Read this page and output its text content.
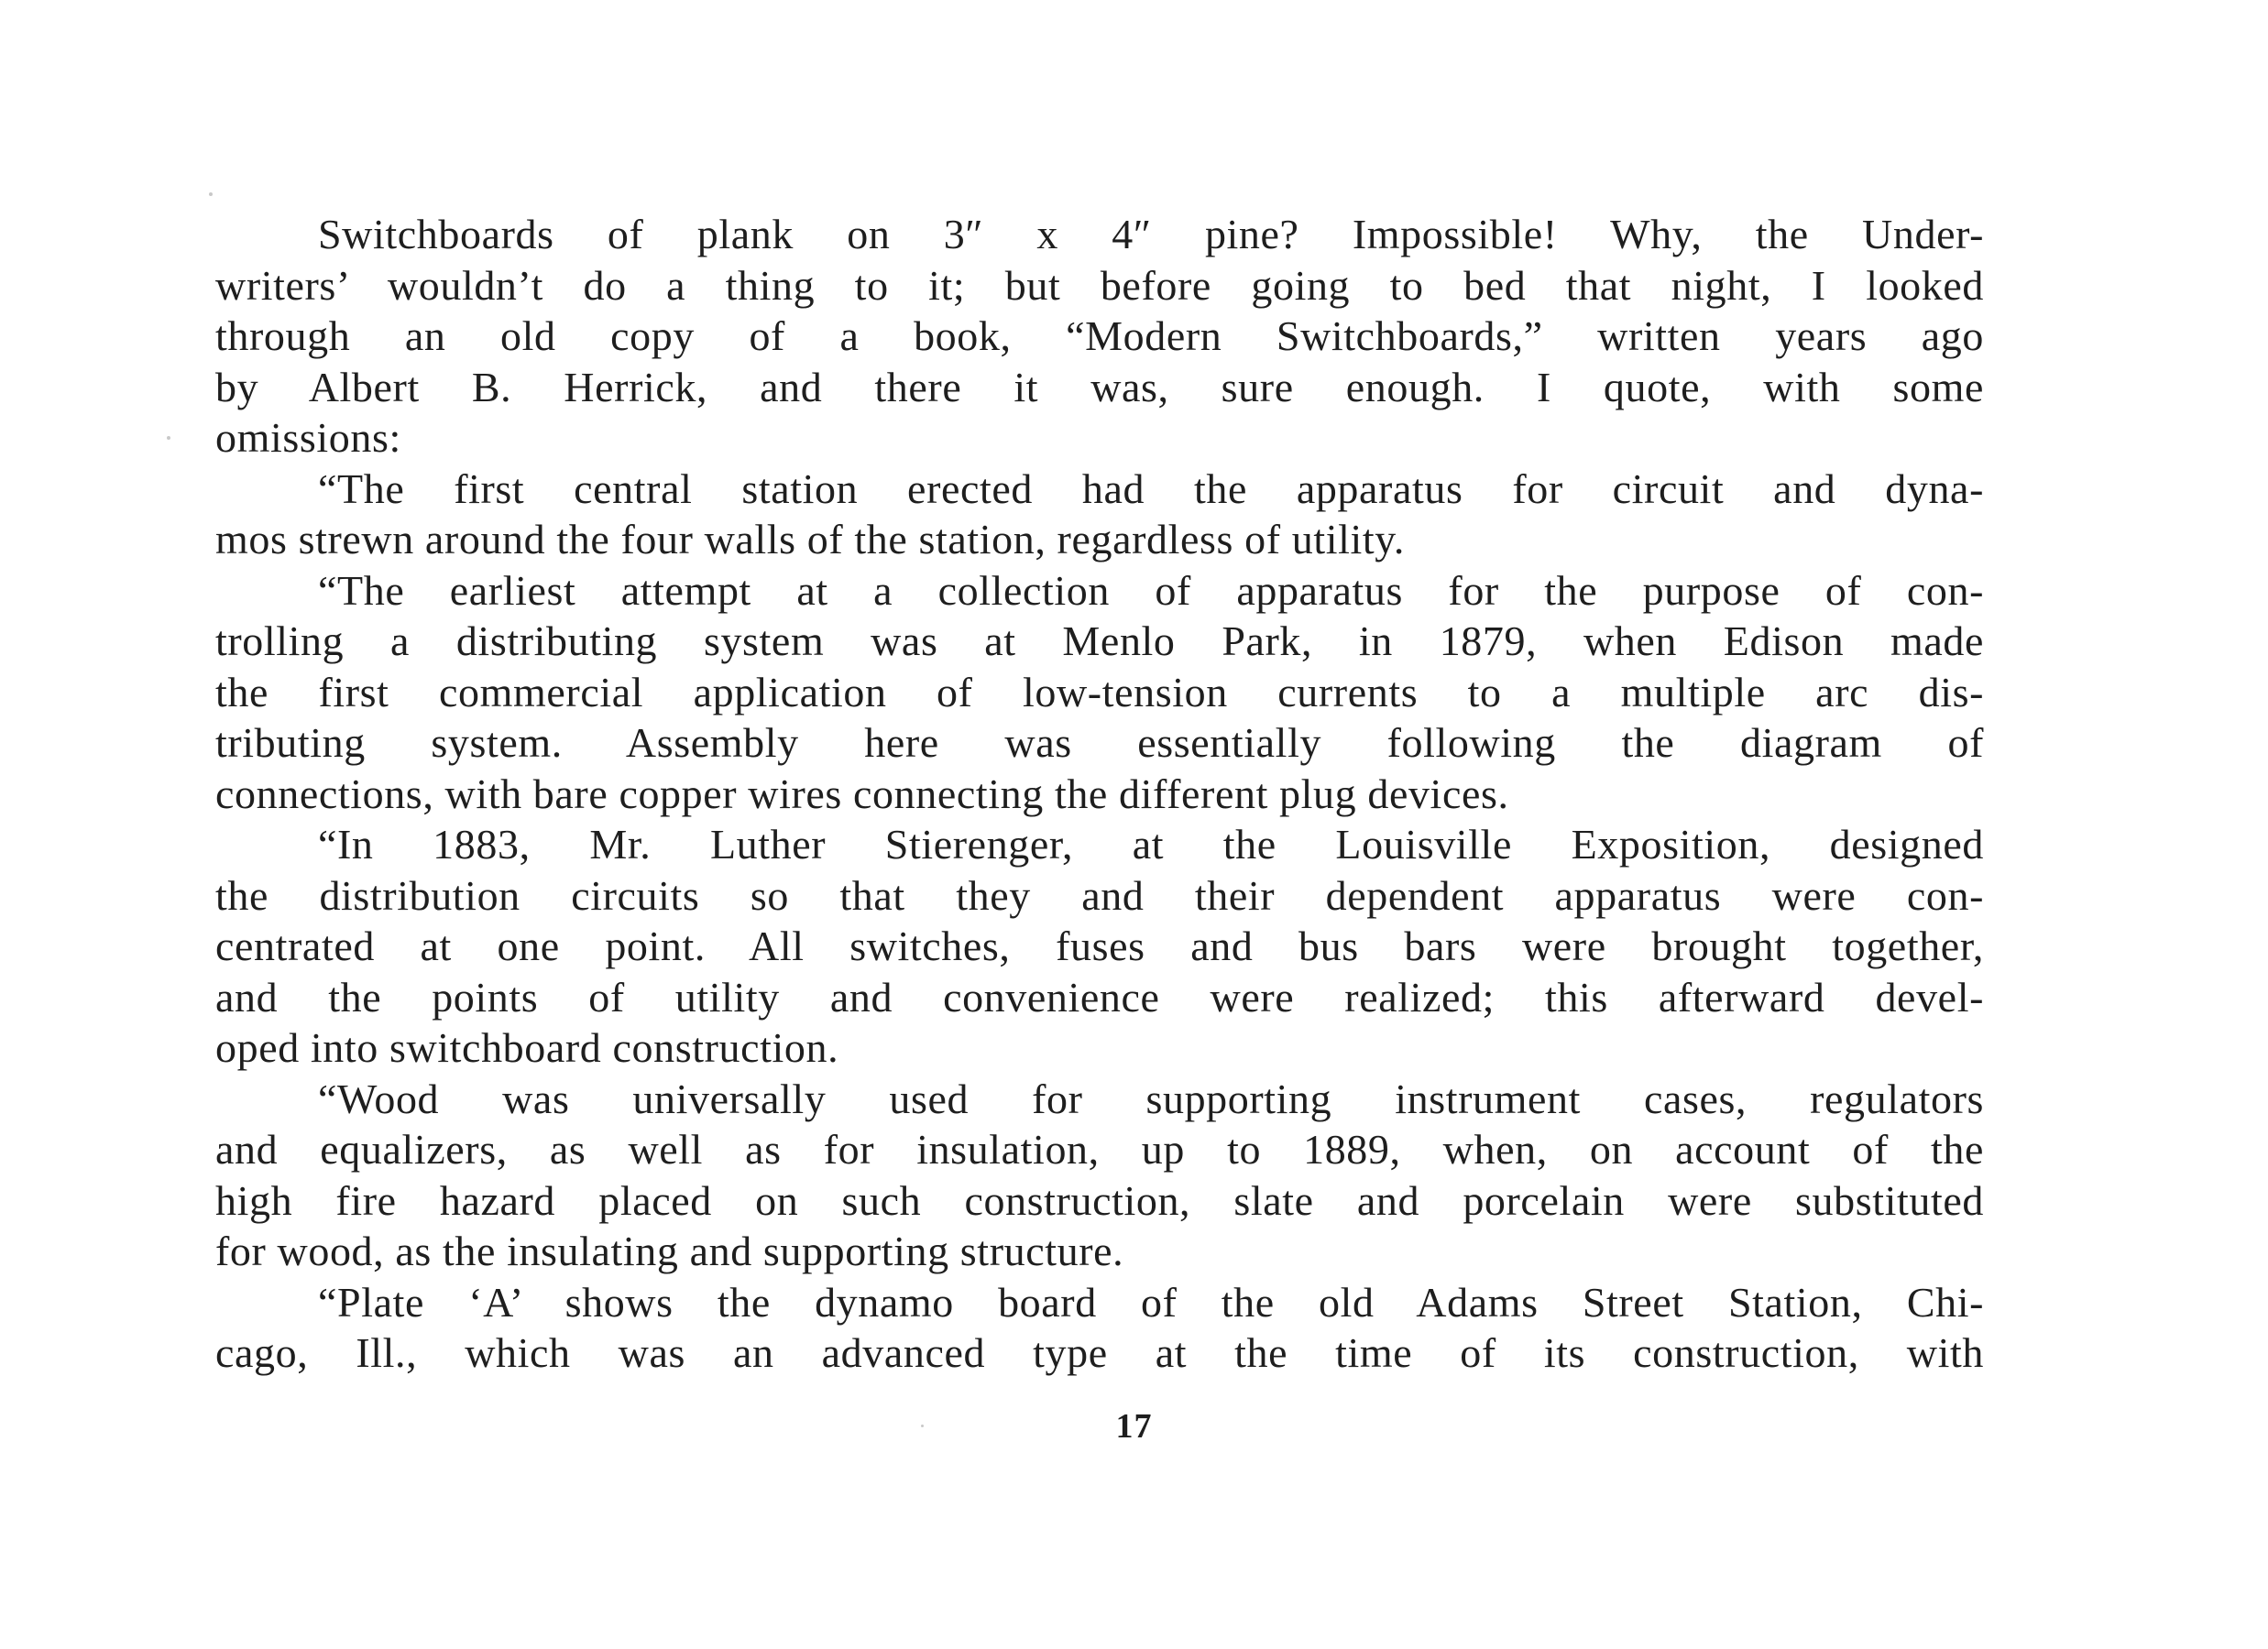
Switchboards of plank on 3″ x 4″ pine? Impossible! Why, the Under-
writers’ wouldn’t do a thing to it; but before going to bed that night, I looked
through an old copy of a book, “Modern Switchboards,” written years ago
by Albert B. Herrick, and there it was, sure enough. I quote, with some
omissions:
“The first central station erected had the apparatus for circuit and dyna-
mos strewn around the four walls of the station, regardless of utility.
“The earliest attempt at a collection of apparatus for the purpose of con-
trolling a distributing system was at Menlo Park, in 1879, when Edison made
the first commercial application of low-tension currents to a multiple arc dis-
tributing system. Assembly here was essentially following the diagram of
connections, with bare copper wires connecting the different plug devices.
“In 1883, Mr. Luther Stierenger, at the Louisville Exposition, designed
the distribution circuits so that they and their dependent apparatus were con-
centrated at one point. All switches, fuses and bus bars were brought together,
and the points of utility and convenience were realized; this afterward devel-
oped into switchboard construction.
“Wood was universally used for supporting instrument cases, regulators
and equalizers, as well as for insulation, up to 1889, when, on account of the
high fire hazard placed on such construction, slate and porcelain were substituted
for wood, as the insulating and supporting structure.
“Plate ‘A’ shows the dynamo board of the old Adams Street Station, Chi-
cago, Ill., which was an advanced type at the time of its construction, with
17
